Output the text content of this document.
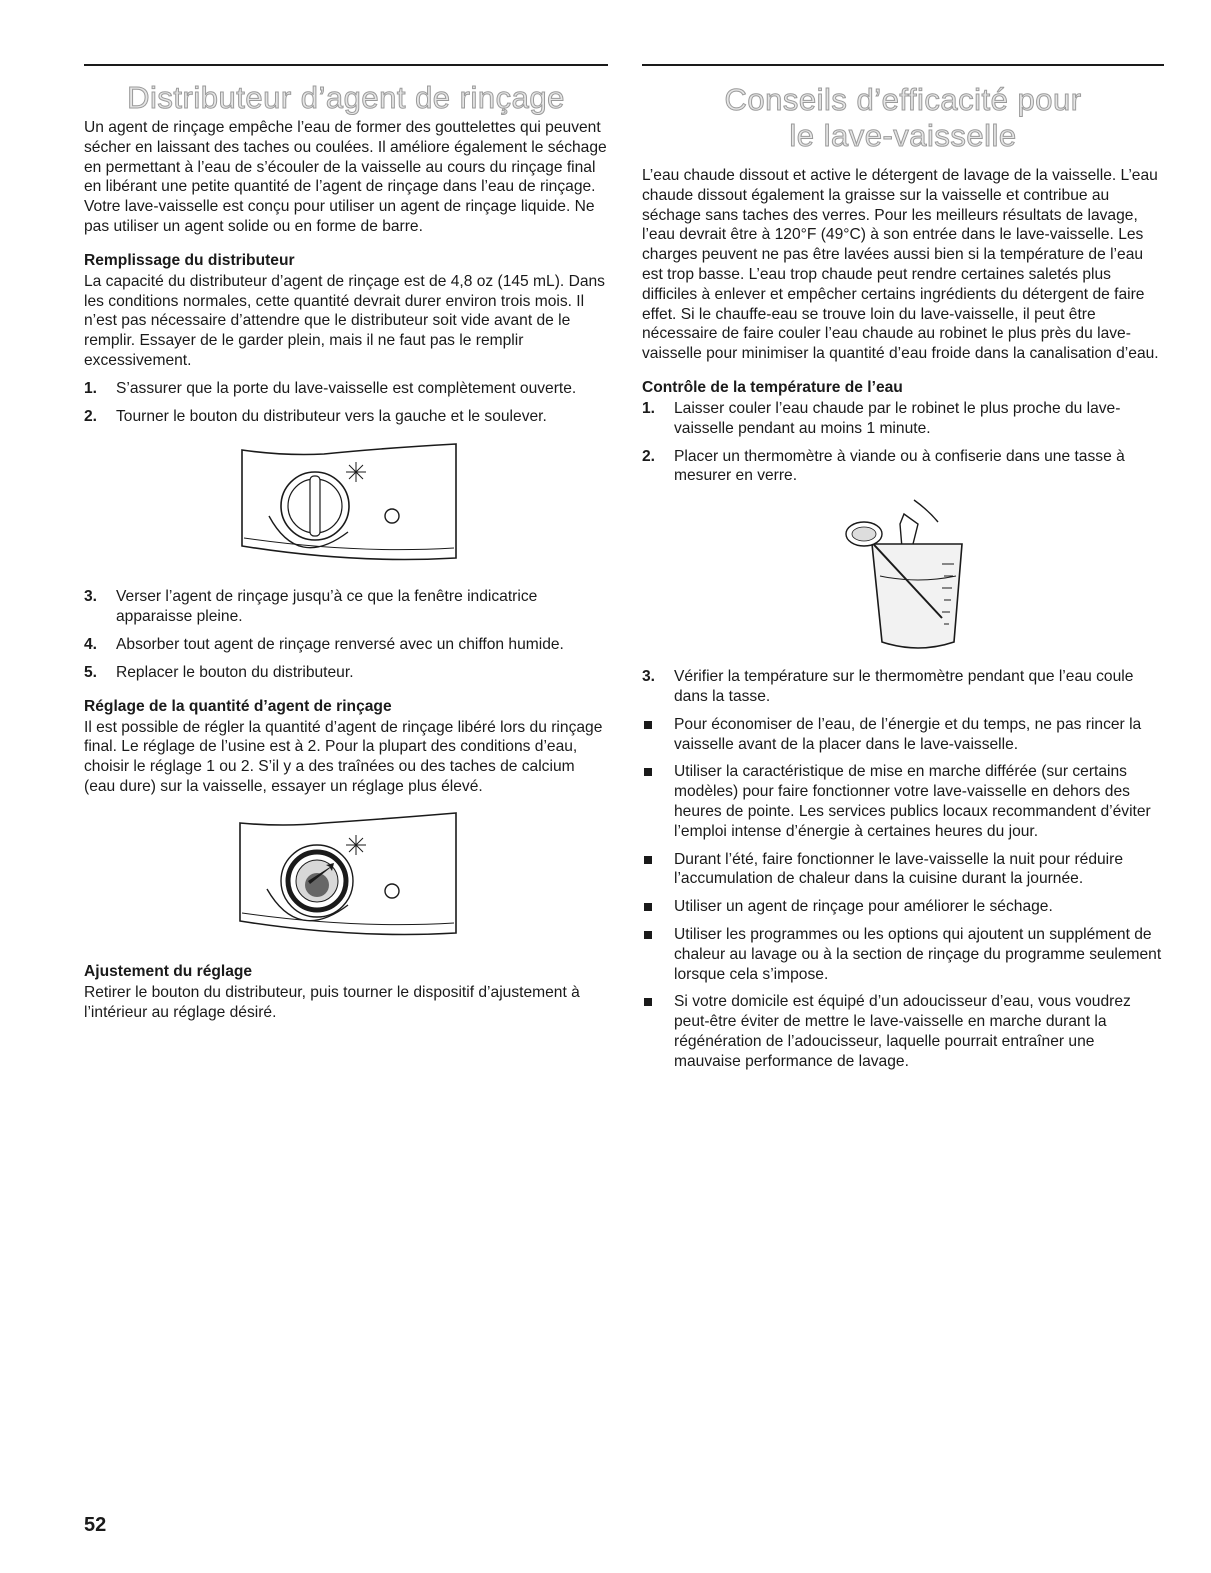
Distributeur d’agent de rinçage

Un agent de rinçage empêche l’eau de former des gouttelettes qui peuvent sécher en laissant des taches ou coulées. Il améliore également le séchage en permettant à l’eau de s’écouler de la vaisselle au cours du rinçage final en libérant une petite quantité de l’agent de rinçage dans l’eau de rinçage. Votre lave-vaisselle est conçu pour utiliser un agent de rinçage liquide. Ne pas utiliser un agent solide ou en forme de barre.

Remplissage du distributeur

La capacité du distributeur d’agent de rinçage est de 4,8 oz (145 mL). Dans les conditions normales, cette quantité devrait durer environ trois mois. Il n’est pas nécessaire d’attendre que le distributeur soit vide avant de le remplir. Essayer de le garder plein, mais il ne faut pas le remplir excessivement.

1. S’assurer que la porte du lave-vaisselle est complètement ouverte.
2. Tourner le bouton du distributeur vers la gauche et le soulever.
3. Verser l’agent de rinçage jusqu’à ce que la fenêtre indicatrice apparaisse pleine.
4. Absorber tout agent de rinçage renversé avec un chiffon humide.
5. Replacer le bouton du distributeur.
Réglage de la quantité d’agent de rinçage

Il est possible de régler la quantité d’agent de rinçage libéré lors du rinçage final. Le réglage de l’usine est à 2. Pour la plupart des conditions d’eau, choisir le réglage 1 ou 2. S’il y a des traînées ou des taches de calcium (eau dure) sur la vaisselle, essayer un réglage plus élevé.

Ajustement du réglage

Retirer le bouton du distributeur, puis tourner le dispositif d’ajustement à l’intérieur au réglage désiré.

Conseils d’efficacité pour
le lave-vaisselle

L’eau chaude dissout et active le détergent de lavage de la vaisselle. L’eau chaude dissout également la graisse sur la vaisselle et contribue au séchage sans taches des verres. Pour les meilleurs résultats de lavage, l’eau devrait être à 120°F (49°C) à son entrée dans le lave-vaisselle. Les charges peuvent ne pas être lavées aussi bien si la température de l’eau est trop basse. L’eau trop chaude peut rendre certaines saletés plus difficiles à enlever et empêcher certains ingrédients du détergent de faire effet. Si le chauffe-eau se trouve loin du lave-vaisselle, il peut être nécessaire de faire couler l’eau chaude au robinet le plus près du lave-vaisselle pour minimiser la quantité d’eau froide dans la canalisation d’eau.

Contrôle de la température de l’eau
1. Laisser couler l’eau chaude par le robinet le plus proche du lave-vaisselle pendant au moins 1 minute.
2. Placer un thermomètre à viande ou à confiserie dans une tasse à mesurer en verre.
3. Vérifier la température sur le thermomètre pendant que l’eau coule dans la tasse.
Pour économiser de l’eau, de l’énergie et du temps, ne pas rincer la vaisselle avant de la placer dans le lave-vaisselle.
Utiliser la caractéristique de mise en marche différée (sur certains modèles) pour faire fonctionner votre lave-vaisselle en dehors des heures de pointe. Les services publics locaux recommandent d’éviter l’emploi intense d’énergie à certaines heures du jour.
Durant l’été, faire fonctionner le lave-vaisselle la nuit pour réduire l’accumulation de chaleur dans la cuisine durant la journée.
Utiliser un agent de rinçage pour améliorer le séchage.
Utiliser les programmes ou les options qui ajoutent un supplément de chaleur au lavage ou à la section de rinçage du programme seulement lorsque cela s’impose.
Si votre domicile est équipé d’un adoucisseur d’eau, vous voudrez peut-être éviter de mettre le lave-vaisselle en marche durant la régénération de l’adoucisseur, laquelle pourrait entraîner une mauvaise performance de lavage.
52
